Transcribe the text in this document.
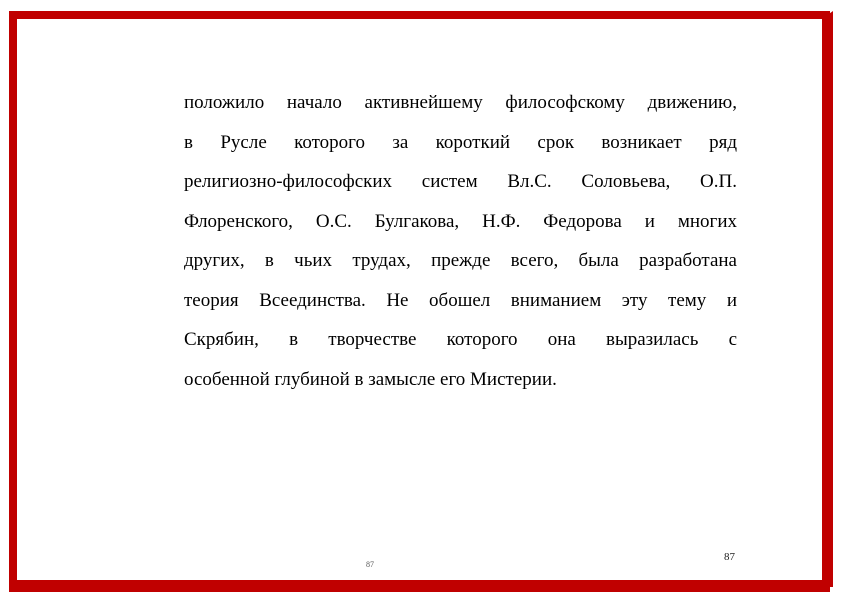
положило начало активнейшему философскому движению,
в Русле которого за короткий срок возникает ряд
религиозно-философских систем Вл.С. Соловьева, О.П.
Флоренского, О.С. Булгакова, Н.Ф. Федорова и многих
других, в чьих трудах, прежде всего, была разработана
теория Всеединства. Не обошел вниманием эту тему и
Скрябин, в творчестве которого она выразилась с
особенной глубиной в замысле его Мистерии.
87
87
